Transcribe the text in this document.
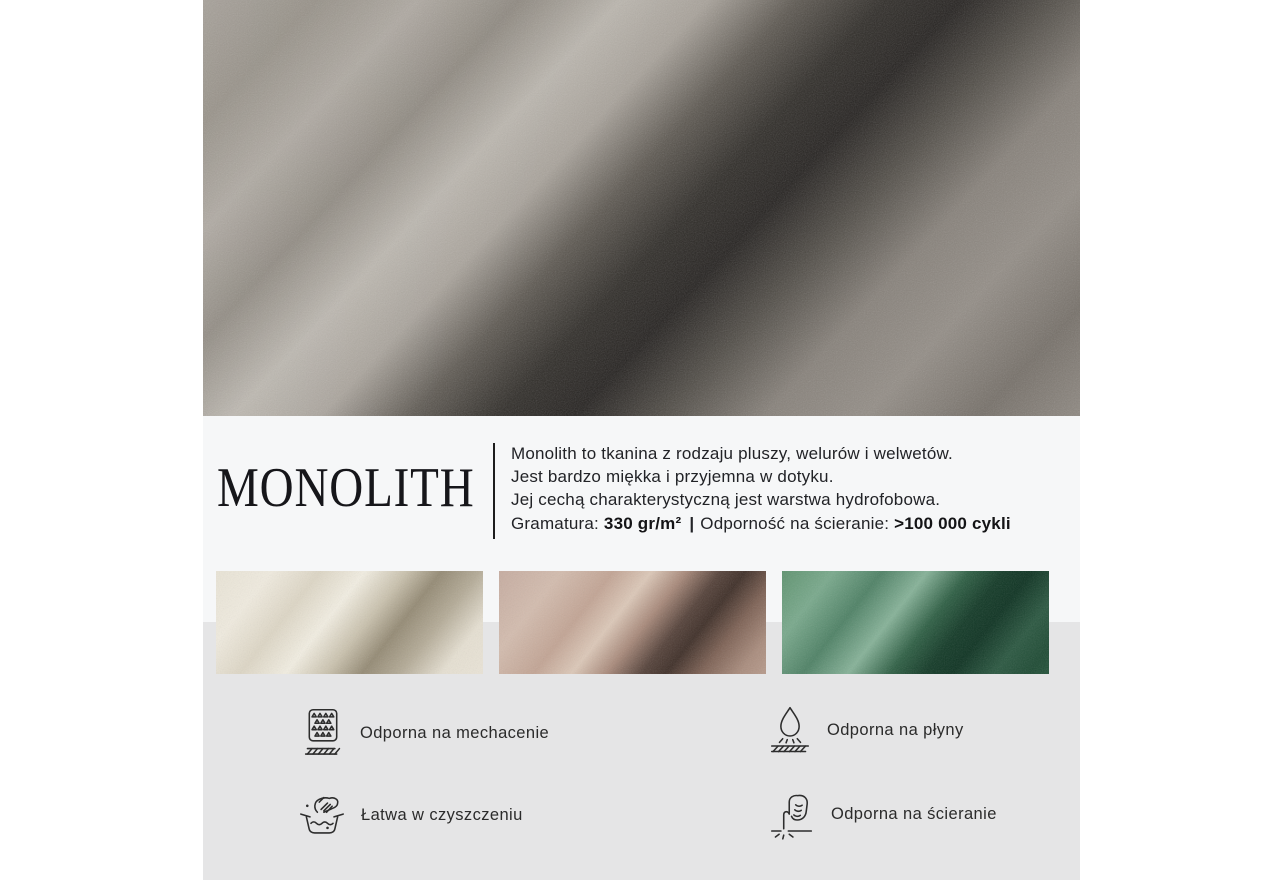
MONOLITH
Monolith to tkanina z rodzaju pluszy, welurów i welwetów.
Jest bardzo miękka i przyjemna w dotyku.
Jej cechą charakterystyczną jest warstwa hydrofobowa.
Gramatura: 330 gr/m² | Odporność na ścieranie: >100 000 cykli
Odporna na mechacenie	Odporna na płyny
Łatwa w czyszczeniu	Odporna na ścieranie
